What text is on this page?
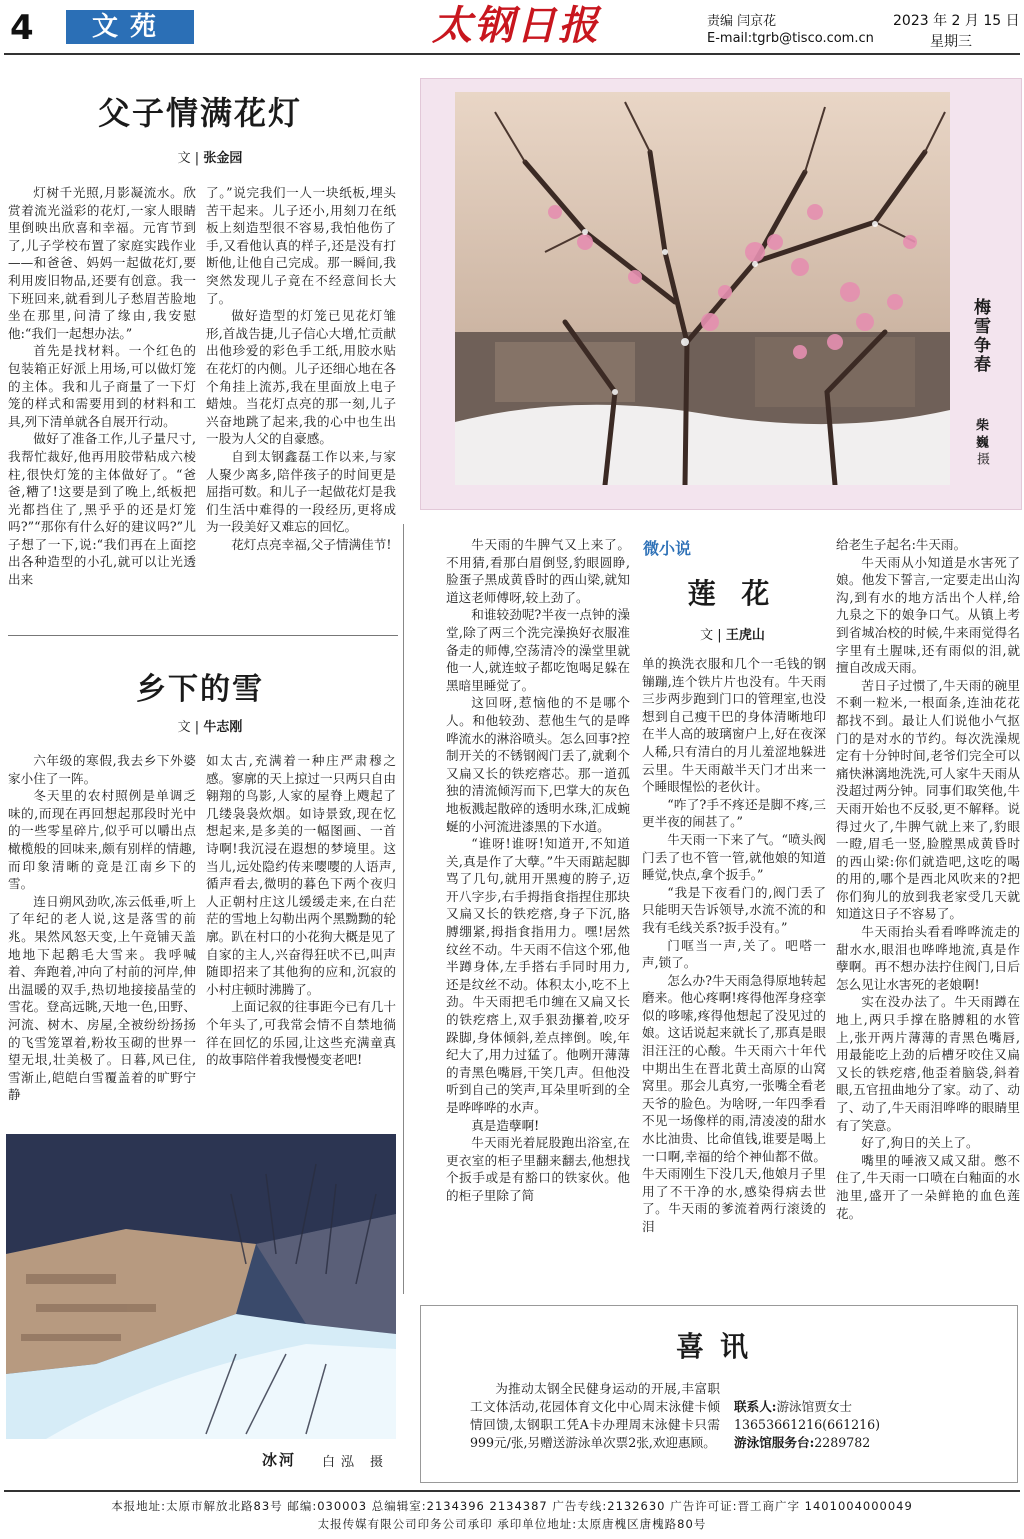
4	文苑	太钢日报	责编 闫京花
E-mail:tgrb@tisco.com.cn
2023 年 2 月 15 日
星期三
父子情满花灯
文 | 张金园

灯树千光照,月影凝流水。欣赏着流光溢彩的花灯,一家人眼睛里倒映出欣喜和幸福。元宵节到了,儿子学校布置了家庭实践作业——和爸爸、妈妈一起做花灯,要利用废旧物品,还要有创意。我一下班回来,就看到儿子愁眉苦脸地坐在那里,问清了缘由,我安慰他:“我们一起想办法。”

首先是找材料。一个红色的包装箱正好派上用场,可以做灯笼的主体。我和儿子商量了一下灯笼的样式和需要用到的材料和工具,列下清单就各自展开行动。

做好了准备工作,儿子量尺寸,我帮忙裁好,他再用胶带粘成六棱柱,很快灯笼的主体做好了。“爸爸,糟了!这要是到了晚上,纸板把光都挡住了,黑乎乎的还是灯笼吗?”“那你有什么好的建议吗?”儿子想了一下,说:“我们再在上面挖出各种造型的小孔,就可以让光透出来

了。”说完我们一人一块纸板,埋头苦干起来。儿子还小,用刻刀在纸板上刻造型很不容易,我怕他伤了手,又看他认真的样子,还是没有打断他,让他自己完成。那一瞬间,我突然发现儿子竟在不经意间长大了。

做好造型的灯笼已见花灯雏形,首战告捷,儿子信心大增,忙贡献出他珍爱的彩色手工纸,用胶水贴在花灯的内侧。儿子还细心地在各个角挂上流苏,我在里面放上电子蜡烛。当花灯点亮的那一刻,儿子兴奋地跳了起来,我的心中也生出一股为人父的自豪感。

自到太钢鑫磊工作以来,与家人聚少离多,陪伴孩子的时间更是屈指可数。和儿子一起做花灯是我们生活中难得的一段经历,更将成为一段美好又难忘的回忆。

花灯点亮幸福,父子情满佳节!

梅雪争春
柴巍
摄
乡下的雪
文 | 牛志刚

六年级的寒假,我去乡下外婆家小住了一阵。

冬天里的农村照例是单调乏味的,而现在再回想起那段时光中的一些零星碎片,似乎可以嚼出点橄榄般的回味来,颇有别样的情趣,而印象清晰的竟是江南乡下的雪。

连日朔风劲吹,冻云低垂,听上了年纪的老人说,这是落雪的前兆。果然风怒天变,上午竟铺天盖地地下起鹅毛大雪来。我呼喊着、奔跑着,冲向了村前的河岸,伸出温暖的双手,热切地接接晶莹的雪花。登高远眺,天地一色,田野、河流、树木、房屋,全被纷纷扬扬的飞雪笼罩着,粉妆玉砌的世界一望无垠,壮美极了。日暮,风已住,雪渐止,皑皑白雪覆盖着的旷野宁静

如太古,充满着一种庄严肃穆之感。寥廓的天上掠过一只两只自由翱翔的鸟影,人家的屋脊上飕起了几缕袅袅炊烟。如诗景致,现在忆想起来,是多美的一幅图画、一首诗啊!我沉浸在遐想的梦境里。这当儿,远处隐约传来嘤嘤的人语声,循声看去,微明的暮色下两个夜归人正朝村庄这儿缓缓走来,在白茫茫的雪地上勾勒出两个黑黝黝的轮廓。趴在村口的小花狗大概是见了自家的主人,兴奋得狂吠不已,叫声随即招来了其他狗的应和,沉寂的小村庄顿时沸腾了。

上面记叙的往事距今已有几十个年头了,可我常会情不自禁地徜徉在回忆的乐园,让这些充满童真的故事陪伴着我慢慢变老吧!

冰河 白泓 摄

牛天雨的牛脾气又上来了。不用猜,看那白眉倒竖,豹眼圆睁,脸蛋子黑成黄昏时的西山梁,就知道这老师傅呀,较上劲了。

和谁较劲呢?半夜一点钟的澡堂,除了两三个洗完澡换好衣服准备走的师傅,空荡清冷的澡堂里就他一人,就连蚊子都吃饱喝足躲在黑暗里睡觉了。

这回呀,惹恼他的不是哪个人。和他较劲、惹他生气的是哗哗流水的淋浴喷头。怎么回事?控制开关的不锈钢阀门丢了,就剩个又扁又长的铁疙瘩芯。那一道孤独的清流倾泻而下,巴掌大的灰色地板溅起散碎的透明水珠,汇成蜿蜒的小河流进漆黑的下水道。

“谁呀!谁呀!知道开,不知道关,真是作了大孽。”牛天雨踮起脚骂了几句,就用开黑瘦的胯子,迈开八字步,右手拇指食指捏住那块又扁又长的铁疙瘩,身子下沉,胳膊绷紧,拇指食指用力。嘿!居然纹丝不动。牛天雨不信这个邪,他半蹲身体,左手搭右手同时用力,还是纹丝不动。体积太小,吃不上劲。牛天雨把毛巾缠在又扁又长的铁疙瘩上,双手狠劲攥着,咬牙跺脚,身体倾斜,差点摔倒。唉,年纪大了,用力过猛了。他咧开薄薄的青黑色嘴唇,干笑几声。但他没听到自己的笑声,耳朵里听到的全是哗哗哗的水声。

真是造孽啊!

牛天雨光着屁股跑出浴室,在更衣室的柜子里翻来翻去,他想找个扳手或是有豁口的铁家伙。他的柜子里除了简

微小说
莲 花
文 | 王虎山

单的换洗衣服和几个一毛钱的钢镚蹦,连个铁片片也没有。牛天雨三步两步跑到门口的管理室,也没想到自己瘦干巴的身体清晰地印在半人高的玻璃窗户上,好在夜深人稀,只有清白的月儿羞涩地躲进云里。牛天雨敲半天门才出来一个睡眼惺忪的老伙计。

“咋了?手不疼还是脚不疼,三更半夜的闹甚了。”

牛天雨一下来了气。“喷头阀门丢了也不管一管,就他娘的知道睡觉,快点,拿个扳手。”

“我是下夜看门的,阀门丢了只能明天告诉领导,水流不流的和我有毛线关系?扳手没有。”

门哐当一声,关了。吧嗒一声,锁了。

怎么办?牛天雨急得原地转起磨来。他心疼啊!疼得他浑身痉挛似的哆嗦,疼得他想起了没见过的娘。这话说起来就长了,那真是眼泪汪汪的心酸。牛天雨六十年代中期出生在晋北黄土高原的山窝窝里。那会儿真穷,一张嘴全看老天爷的脸色。为啥呀,一年四季看不见一场像样的雨,清凌凌的甜水水比油贵、比命值钱,谁要是喝上一口啊,幸福的给个神仙都不做。牛天雨刚生下没几天,他娘月子里用了不干净的水,感染得病去世了。牛天雨的爹流着两行滚烫的泪

给老生子起名:牛天雨。

牛天雨从小知道是水害死了娘。他发下誓言,一定要走出山沟沟,到有水的地方活出个人样,给九泉之下的娘争口气。从镇上考到省城冶校的时候,牛来雨觉得名字里有土腥味,还有雨似的泪,就擅自改成天雨。

苦日子过惯了,牛天雨的碗里不剩一粒米,一根面条,连油花花都找不到。最让人们说他小气抠门的是对水的节约。每次洗澡规定有十分钟时间,老爷们完全可以痛快淋漓地洗洗,可人家牛天雨从没超过两分钟。同事们取笑他,牛天雨开始也不反驳,更不解释。说得过火了,牛脾气就上来了,豹眼一瞪,眉毛一竖,脸膛黑成黄昏时的西山梁:你们就造吧,这吃的喝的用的,哪个是西北风吹来的?把你们狗儿的放到我老家受几天就知道这日子不容易了。

牛天雨抬头看看哗哗流走的甜水水,眼泪也哗哗地流,真是作孽啊。再不想办法拧住阀门,日后怎么见让水害死的老娘啊!

实在没办法了。牛天雨蹲在地上,两只手撑在胳膊粗的水管上,张开两片薄薄的青黑色嘴唇,用最能吃上劲的后槽牙咬住又扁又长的铁疙瘩,他歪着脑袋,斜着眼,五官扭曲地分了家。动了、动了、动了,牛天雨泪哗哗的眼睛里有了笑意。

好了,狗日的关上了。

嘴里的唾液又咸又甜。憋不住了,牛天雨一口喷在白釉面的水池里,盛开了一朵鲜艳的血色莲花。

喜讯
为推动太钢全民健身运动的开展,丰富职工文体活动,花园体育文化中心周末泳健卡倾情回馈,太钢职工凭A卡办理周末泳健卡只需999元/张,另赠送游泳单次票2张,欢迎惠顾。 联系人:游泳馆贾女士
13653661216(661216)
游泳馆服务台:2289782
本报地址:太原市解放北路83号 邮编:030003 总编辑室:2134396 2134387 广告专线:2132630 广告许可证:晋工商广字 1401004000049
太报传媒有限公司印务公司承印 承印单位地址:太原唐槐区唐槐路80号
